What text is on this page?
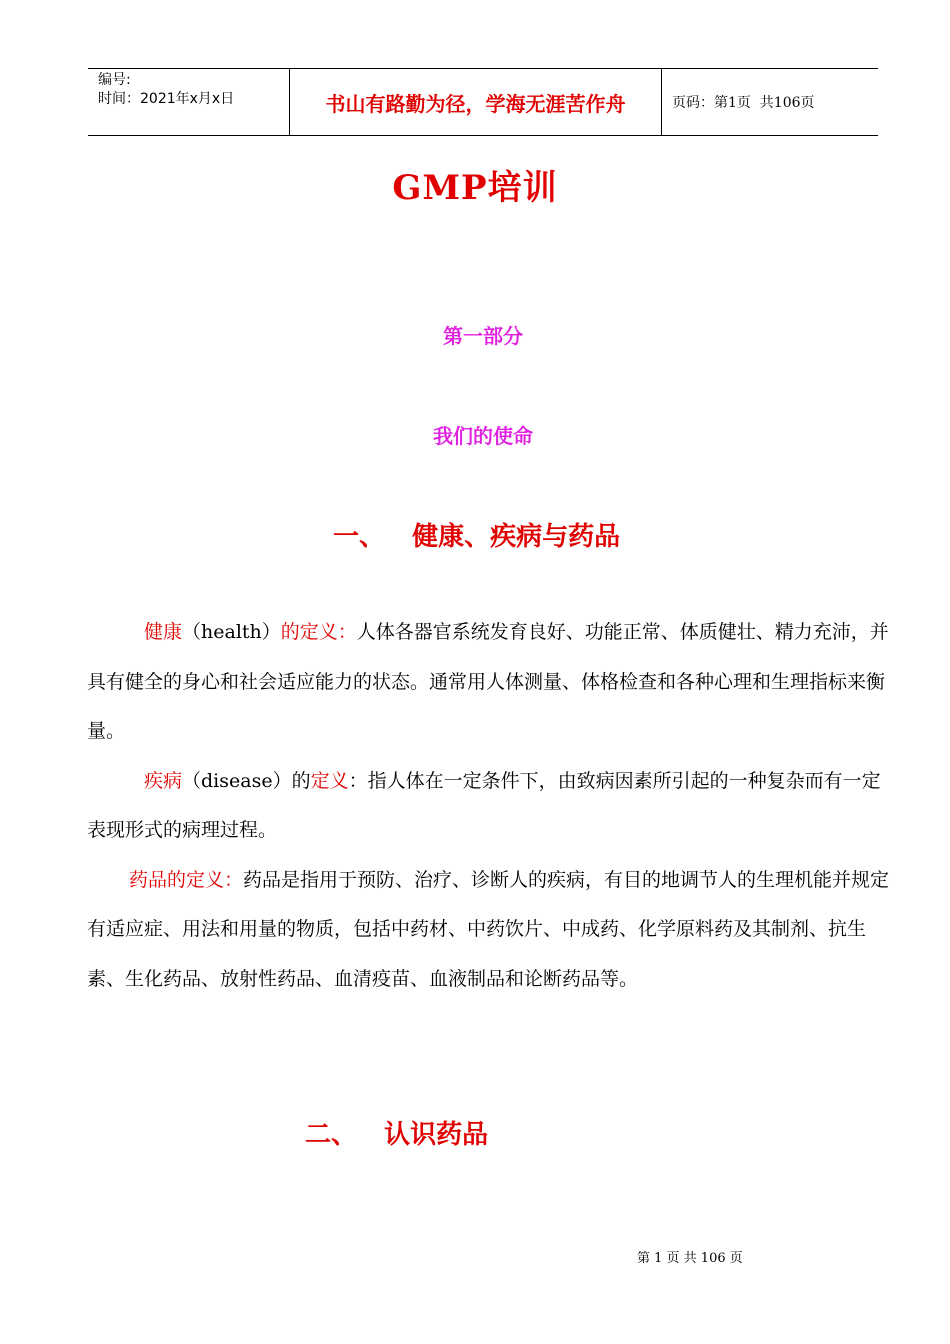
编号:
时间：2021年x月x日	书山有路勤为径，学海无涯苦作舟	页码：第1页  共106页
GMP培训
第一部分
我们的使命
一、   健康、疾病与药品

健康（health）的定义：人体各器官系统发育良好、功能正常、体质健壮、精力充沛，并具有健全的身心和社会适应能力的状态。通常用人体测量、体格检查和各种心理和生理指标来衡量。

疾病（disease）的定义：指人体在一定条件下，由致病因素所引起的一种复杂而有一定表现形式的病理过程。

药品的定义：药品是指用于预防、治疗、诊断人的疾病，有目的地调节人的生理机能并规定有适应症、用法和用量的物质，包括中药材、中药饮片、中成药、化学原料药及其制剂、抗生素、生化药品、放射性药品、血清疫苗、血液制品和论断药品等。

二、   认识药品
第 1 页 共 106 页
